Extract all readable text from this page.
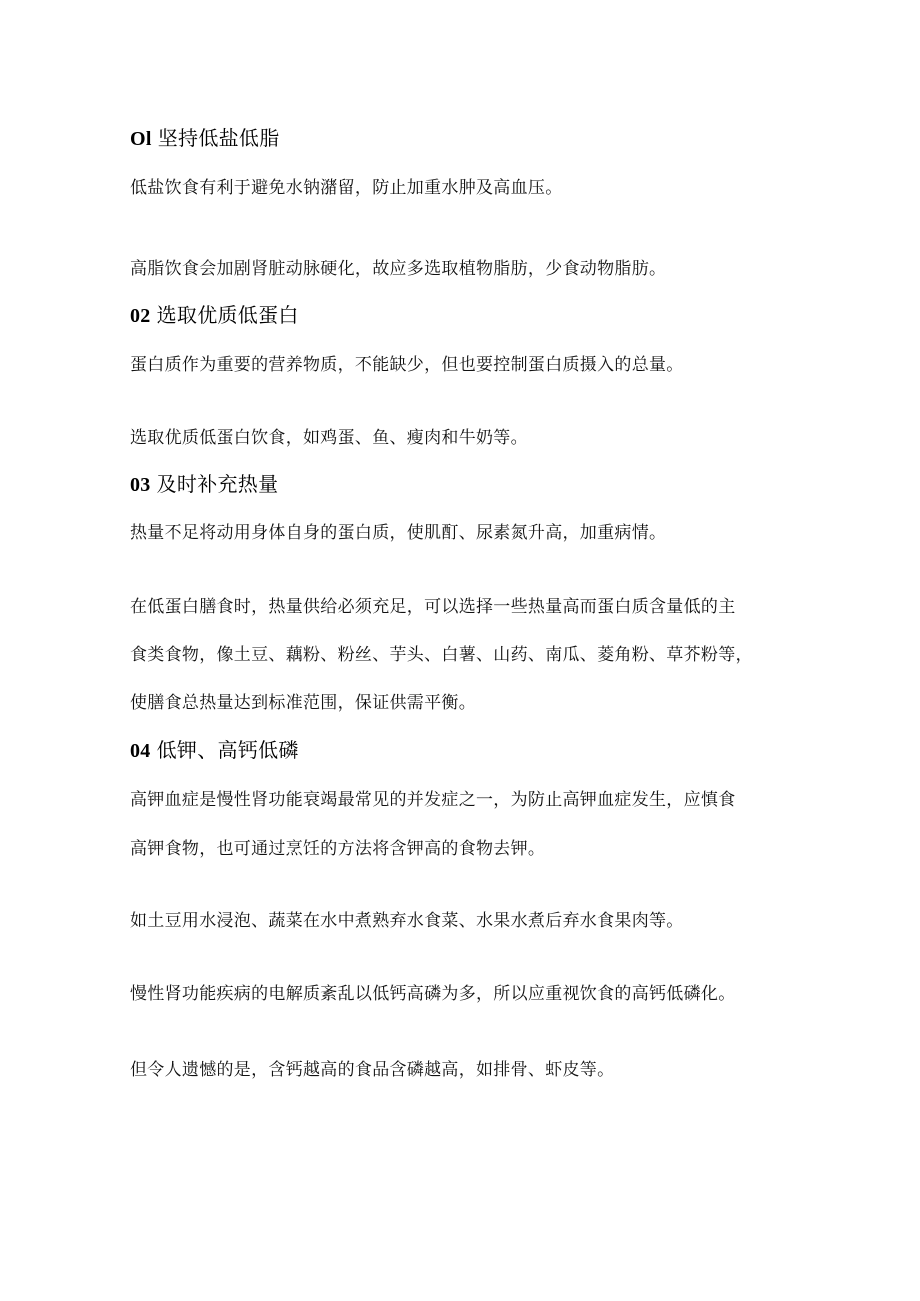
Ol 坚持低盐低脂
低盐饮食有利于避免水钠潴留，防止加重水肿及高血压。
高脂饮食会加剧肾脏动脉硬化，故应多选取植物脂肪，少食动物脂肪。
02 选取优质低蛋白
蛋白质作为重要的营养物质，不能缺少，但也要控制蛋白质摄入的总量。
选取优质低蛋白饮食，如鸡蛋、鱼、瘦肉和牛奶等。
03 及时补充热量
热量不足将动用身体自身的蛋白质，使肌酊、尿素氮升高，加重病情。
在低蛋白膳食时，热量供给必须充足，可以选择一些热量高而蛋白质含量低的主
食类食物，像土豆、藕粉、粉丝、芋头、白薯、山药、南瓜、菱角粉、草芥粉等，
使膳食总热量达到标准范围，保证供需平衡。
04 低钾、高钙低磷
高钾血症是慢性肾功能衰竭最常见的并发症之一，为防止高钾血症发生，应慎食
高钾食物，也可通过烹饪的方法将含钾高的食物去钾。
如土豆用水浸泡、蔬菜在水中煮熟弃水食菜、水果水煮后弃水食果肉等。
慢性肾功能疾病的电解质紊乱以低钙高磷为多，所以应重视饮食的高钙低磷化。
但令人遗憾的是，含钙越高的食品含磷越高，如排骨、虾皮等。
